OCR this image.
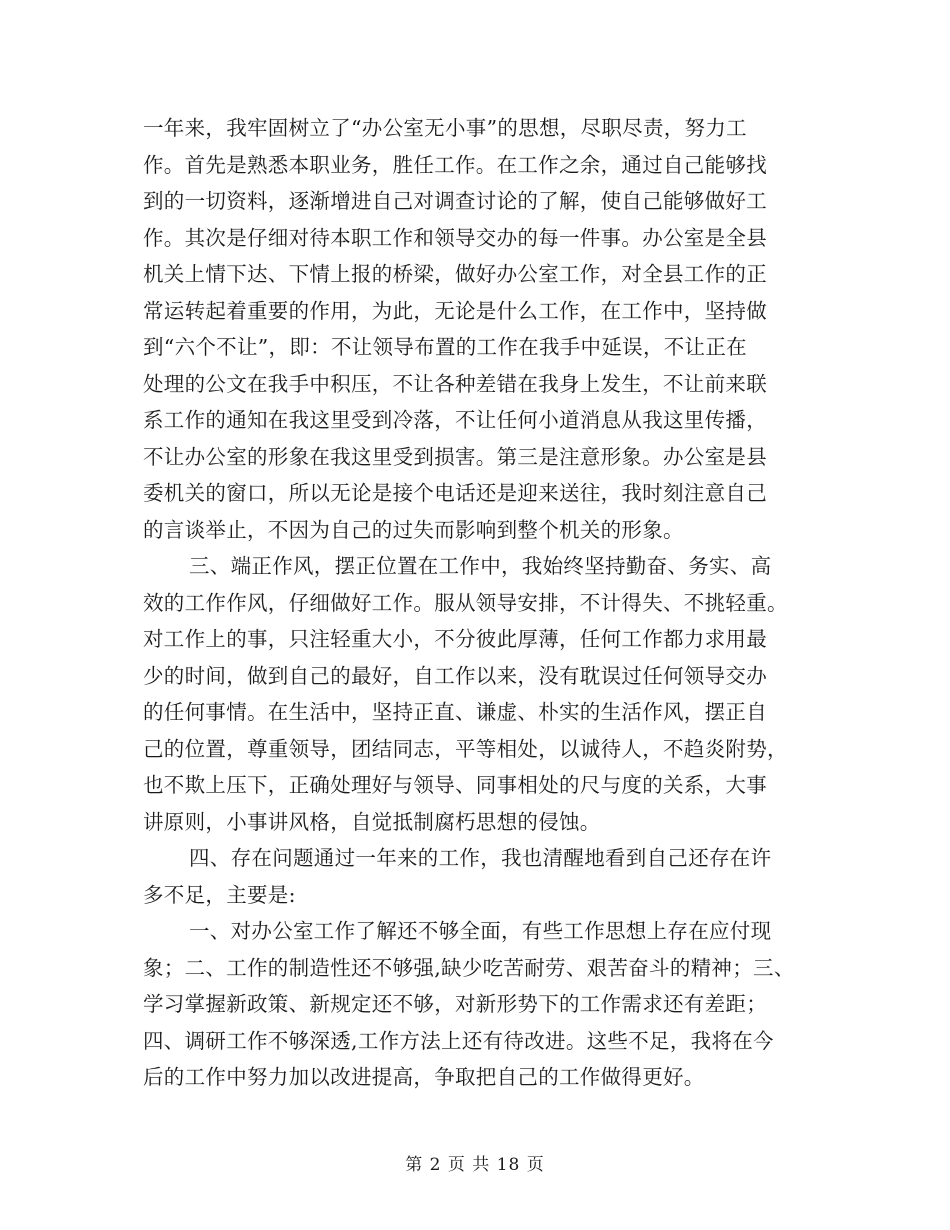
一年来，我牢固树立了“办公室无小事”的思想，尽职尽责，努力工
作。首先是熟悉本职业务，胜任工作。在工作之余，通过自己能够找
到的一切资料，逐渐增进自己对调查讨论的了解，使自己能够做好工
作。其次是仔细对待本职工作和领导交办的每一件事。办公室是全县
机关上情下达、下情上报的桥梁，做好办公室工作，对全县工作的正
常运转起着重要的作用，为此，无论是什么工作，在工作中，坚持做
到“六个不让”，即：不让领导布置的工作在我手中延误，不让正在
处理的公文在我手中积压，不让各种差错在我身上发生，不让前来联
系工作的通知在我这里受到冷落，不让任何小道消息从我这里传播，
不让办公室的形象在我这里受到损害。第三是注意形象。办公室是县
委机关的窗口，所以无论是接个电话还是迎来送往，我时刻注意自己
的言谈举止，不因为自己的过失而影响到整个机关的形象。
三、端正作风，摆正位置在工作中，我始终坚持勤奋、务实、高
效的工作作风，仔细做好工作。服从领导安排，不计得失、不挑轻重。
对工作上的事，只注轻重大小，不分彼此厚薄，任何工作都力求用最
少的时间，做到自己的最好，自工作以来，没有耽误过任何领导交办
的任何事情。在生活中，坚持正直、谦虚、朴实的生活作风，摆正自
己的位置，尊重领导，团结同志，平等相处，以诚待人，不趋炎附势，
也不欺上压下，正确处理好与领导、同事相处的尺与度的关系，大事
讲原则，小事讲风格，自觉抵制腐朽思想的侵蚀。
四、存在问题通过一年来的工作，我也清醒地看到自己还存在许
多不足，主要是:
一、对办公室工作了解还不够全面，有些工作思想上存在应付现
象；二、工作的制造性还不够强,缺少吃苦耐劳、艰苦奋斗的精神；三、
学习掌握新政策、新规定还不够，对新形势下的工作需求还有差距；
四、调研工作不够深透,工作方法上还有待改进。这些不足，我将在今
后的工作中努力加以改进提高，争取把自己的工作做得更好。
第 2 页 共 18 页
